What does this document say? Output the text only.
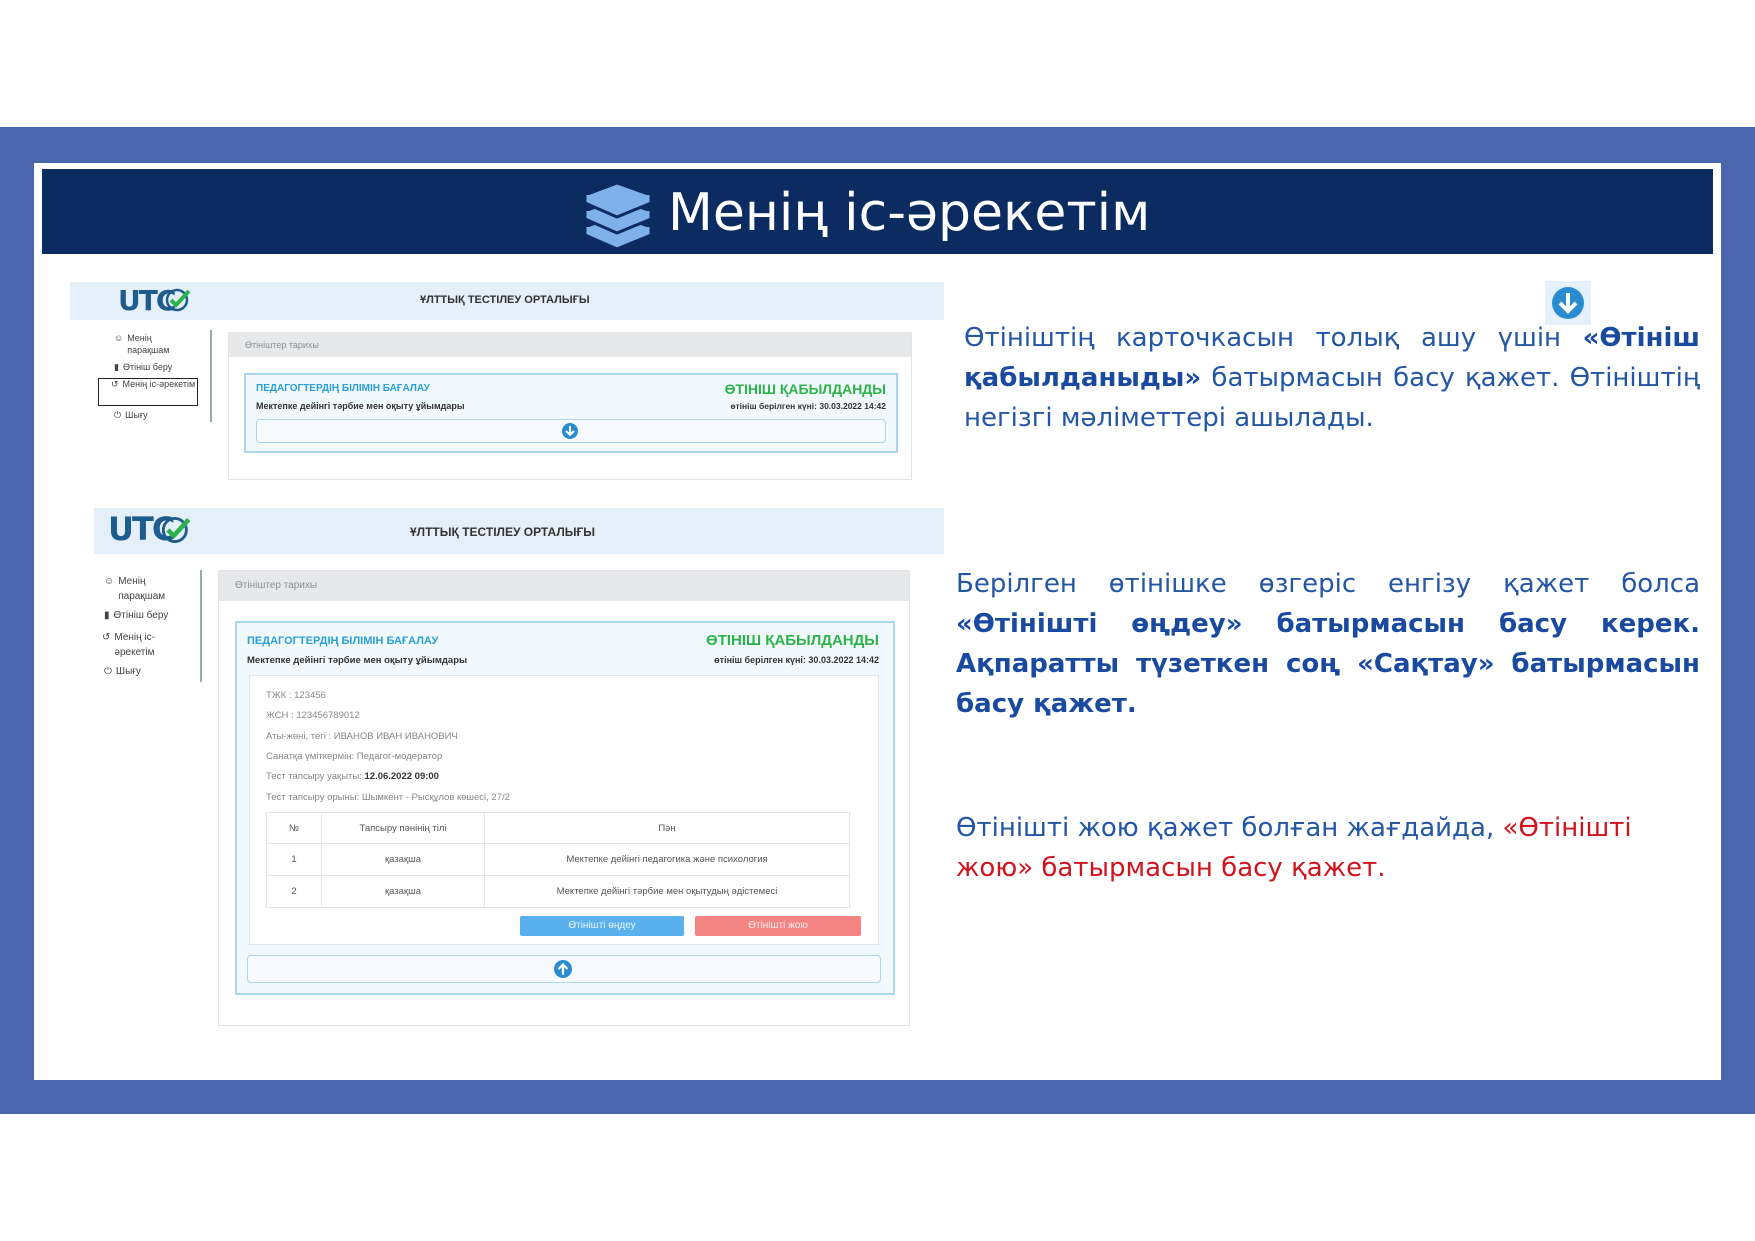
Менің іс-әрекетім
UTC	ҰЛТТЫҚ ТЕСТІЛЕУ ОРТАЛЫҒЫ
☺ Менің парақшам
▮ Өтініш беру
↺ Менің іс-әрекетім
⏻ Шығу
Өтініштер тарихы
ПЕДАГОГТЕРДІҢ БІЛІМІН БАҒАЛАУ	ӨТІНІШ ҚАБЫЛДАНДЫ
Мектепке дейінгі тәрбие мен оқыту ұйымдары	өтініш берілген күні: 30.03.2022 14:42
UTC	ҰЛТТЫҚ ТЕСТІЛЕУ ОРТАЛЫҒЫ
☺ Менің парақшам
▮ Өтініш беру
↺ Менің іс-әрекетім
⏻ Шығу
Өтініштер тарихы
ПЕДАГОГТЕРДІҢ БІЛІМІН БАҒАЛАУ	ӨТІНІШ ҚАБЫЛДАНДЫ
Мектепке дейінгі тәрбие мен оқыту ұйымдары	өтініш берілген күні: 30.03.2022 14:42
ТЖК : 123456
ЖСН : 123456789012
Аты-жөні, тегі : ИВАНОВ ИВАН ИВАНОВИЧ
Санатқа үміткермін: Педагог-модератор
Тест тапсыру уақыты: 12.06.2022 09:00
Тест тапсыру орыны: Шымкент - Рысқұлов көшесі, 27/2
№	Тапсыру пәнінің тілі	Пән
1	қазақша	Мектепке дейінгі педагогика және психология
2	қазақша	Мектепке дейінгі тәрбие мен оқытудың әдістемесі
Өтінішті өңдеу	Өтінішті жою
Өтініштің карточкасын толық ашу үшін «Өтініш қабылданыды» батырмасын басу қажет. Өтініштің негізгі мәліметтері ашылады.
Берілген өтінішке өзгеріс енгізу қажет болса «Өтінішті өңдеу» батырмасын басу керек. Ақпаратты түзеткен соң «Сақтау» батырмасын басу қажет.
Өтінішті жою қажет болған жағдайда, «Өтінішті жою» батырмасын басу қажет.
